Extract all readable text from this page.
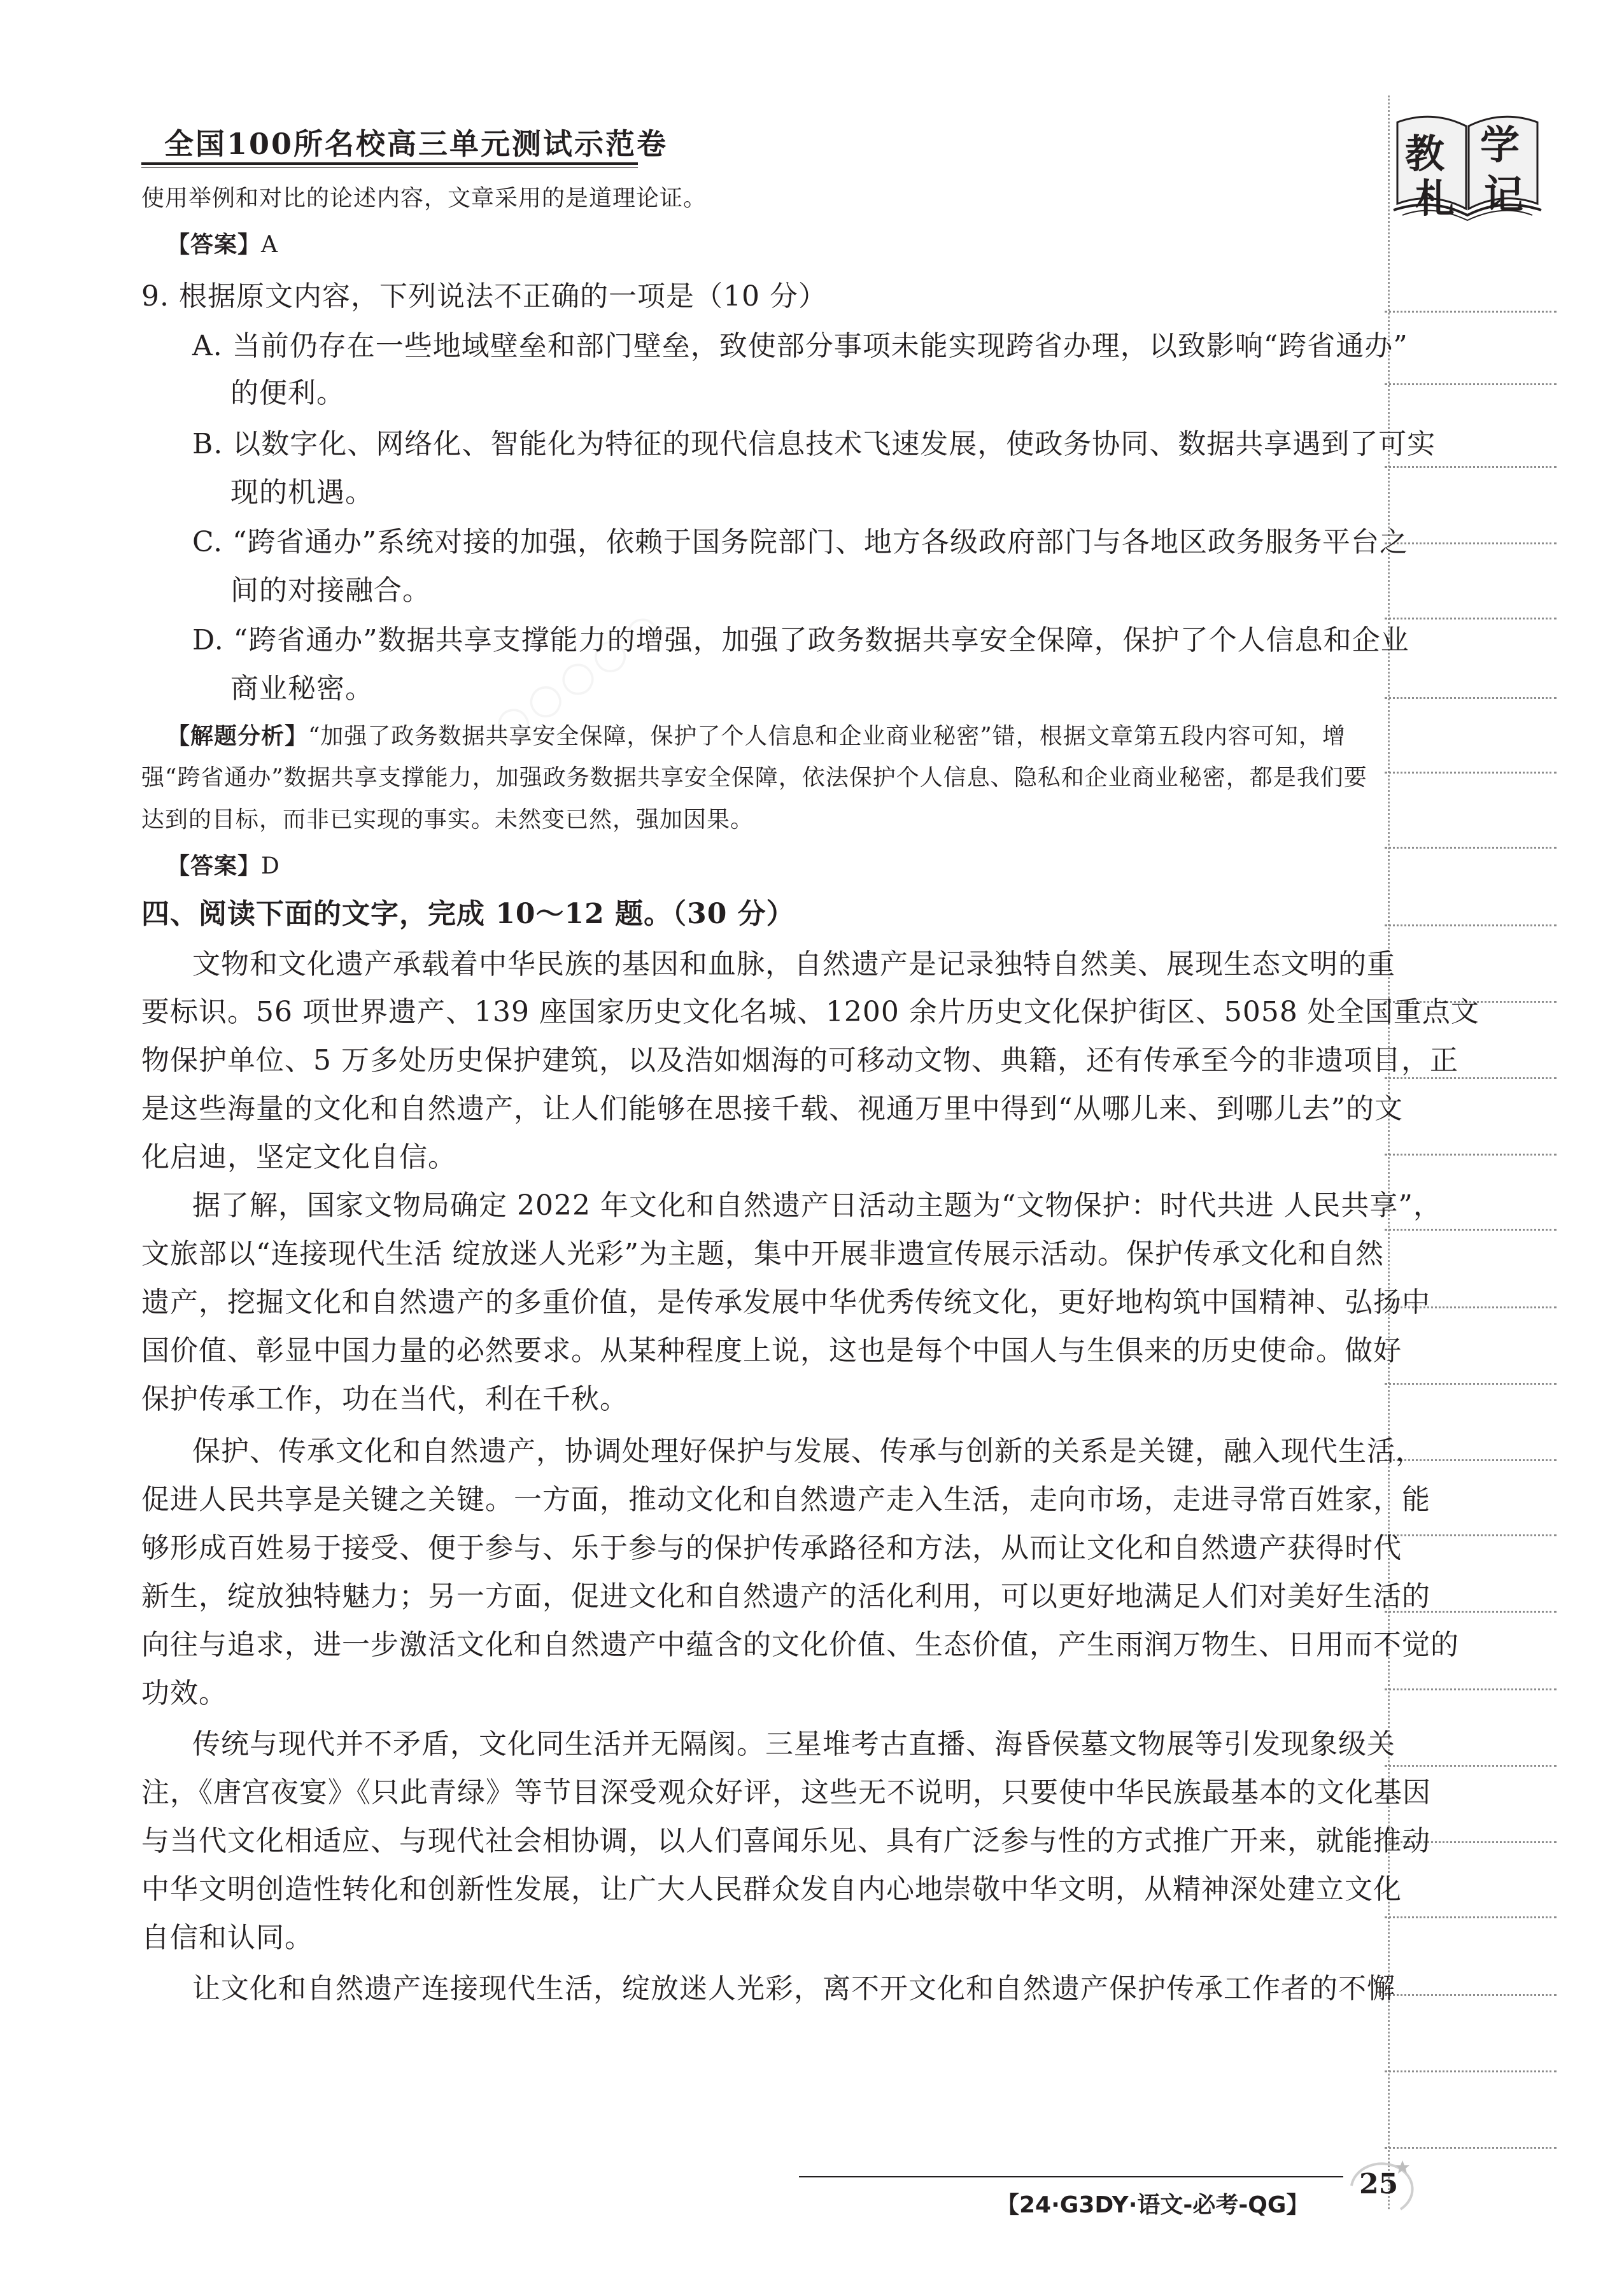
全国100所名校高三单元测试示范卷	教 学
札 记
使用举例和对比的论述内容，文章采用的是道理论证。
【答案】A
9. 根据原文内容，下列说法不正确的一项是（10 分）
A. 当前仍存在一些地域壁垒和部门壁垒，致使部分事项未能实现跨省办理，以致影响“跨省通办”
的便利。
B. 以数字化、网络化、智能化为特征的现代信息技术飞速发展，使政务协同、数据共享遇到了可实
现的机遇。
C. “跨省通办”系统对接的加强，依赖于国务院部门、地方各级政府部门与各地区政务服务平台之
间的对接融合。
D. “跨省通办”数据共享支撑能力的增强，加强了政务数据共享安全保障，保护了个人信息和企业
商业秘密。
【解题分析】“加强了政务数据共享安全保障，保护了个人信息和企业商业秘密”错，根据文章第五段内容可知，增
强“跨省通办”数据共享支撑能力，加强政务数据共享安全保障，依法保护个人信息、隐私和企业商业秘密，都是我们要
达到的目标，而非已实现的事实。未然变已然，强加因果。
【答案】D
四、阅读下面的文字，完成 10～12 题。（30 分）
文物和文化遗产承载着中华民族的基因和血脉，自然遗产是记录独特自然美、展现生态文明的重
要标识。56 项世界遗产、139 座国家历史文化名城、1200 余片历史文化保护街区、5058 处全国重点文
物保护单位、5 万多处历史保护建筑，以及浩如烟海的可移动文物、典籍，还有传承至今的非遗项目，正
是这些海量的文化和自然遗产，让人们能够在思接千载、视通万里中得到“从哪儿来、到哪儿去”的文
化启迪，坚定文化自信。
据了解，国家文物局确定 2022 年文化和自然遗产日活动主题为“文物保护：时代共进 人民共享”，
文旅部以“连接现代生活 绽放迷人光彩”为主题，集中开展非遗宣传展示活动。保护传承文化和自然
遗产，挖掘文化和自然遗产的多重价值，是传承发展中华优秀传统文化，更好地构筑中国精神、弘扬中
国价值、彰显中国力量的必然要求。从某种程度上说，这也是每个中国人与生俱来的历史使命。做好
保护传承工作，功在当代，利在千秋。
保护、传承文化和自然遗产，协调处理好保护与发展、传承与创新的关系是关键，融入现代生活，
促进人民共享是关键之关键。一方面，推动文化和自然遗产走入生活，走向市场，走进寻常百姓家，能
够形成百姓易于接受、便于参与、乐于参与的保护传承路径和方法，从而让文化和自然遗产获得时代
新生，绽放独特魅力；另一方面，促进文化和自然遗产的活化利用，可以更好地满足人们对美好生活的
向往与追求，进一步激活文化和自然遗产中蕴含的文化价值、生态价值，产生雨润万物生、日用而不觉的
功效。
传统与现代并不矛盾，文化同生活并无隔阂。三星堆考古直播、海昏侯墓文物展等引发现象级关
注，《唐宫夜宴》《只此青绿》等节目深受观众好评，这些无不说明，只要使中华民族最基本的文化基因
与当代文化相适应、与现代社会相协调，以人们喜闻乐见、具有广泛参与性的方式推广开来，就能推动
中华文明创造性转化和创新性发展，让广大人民群众发自内心地崇敬中华文明，从精神深处建立文化
自信和认同。
让文化和自然遗产连接现代生活，绽放迷人光彩，离不开文化和自然遗产保护传承工作者的不懈
【24·G3DY·语文-必考-QG】
25
